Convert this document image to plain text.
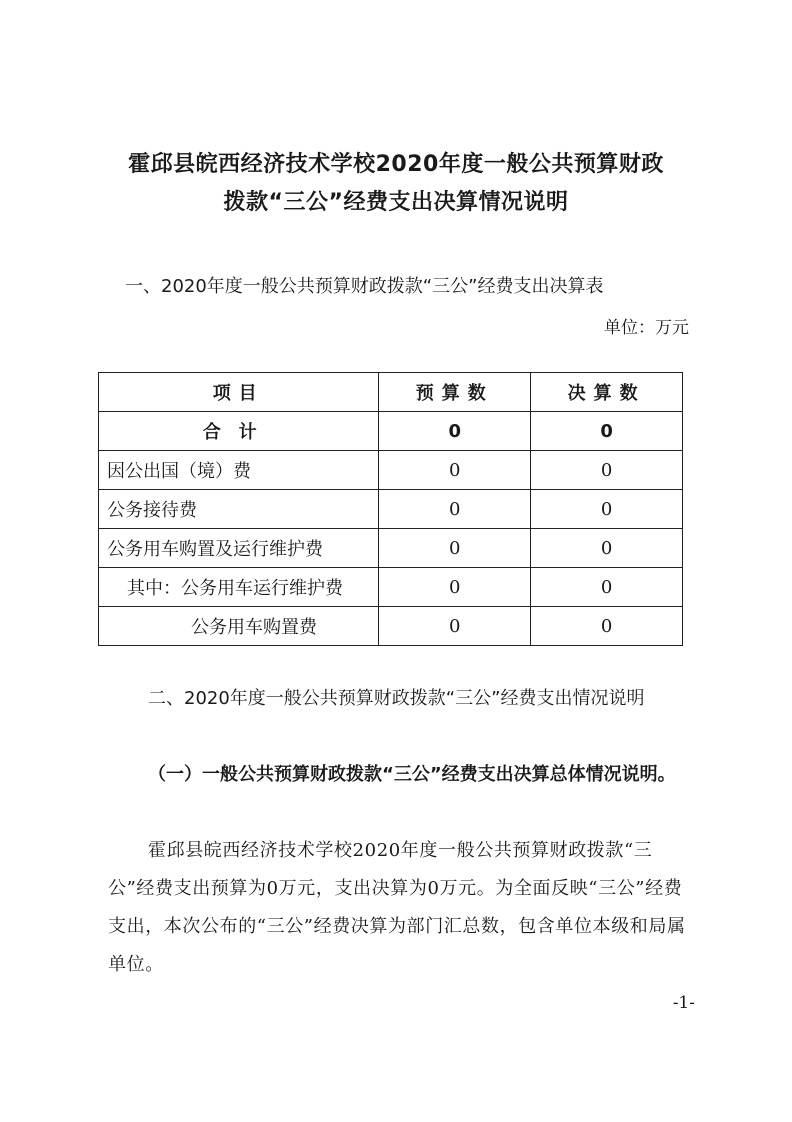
霍邱县皖西经济技术学校2020年度一般公共预算财政
拨款“三公”经费支出决算情况说明
一、2020年度一般公共预算财政拨款“三公”经费支出决算表
单位：万元
项目	预算数	决算数
合计	0	0
因公出国（境）费	0	0
公务接待费	0	0
公务用车购置及运行维护费	0	0
其中：公务用车运行维护费	0	0
公务用车购置费	0	0
二、2020年度一般公共预算财政拨款“三公”经费支出情况说明
（一）一般公共预算财政拨款“三公”经费支出决算总体情况说明。
霍邱县皖西经济技术学校2020年度一般公共预算财政拨款“三公”经费支出预算为0万元，支出决算为0万元。为全面反映“三公”经费支出，本次公布的“三公”经费决算为部门汇总数，包含单位本级和局属单位。
-1-
